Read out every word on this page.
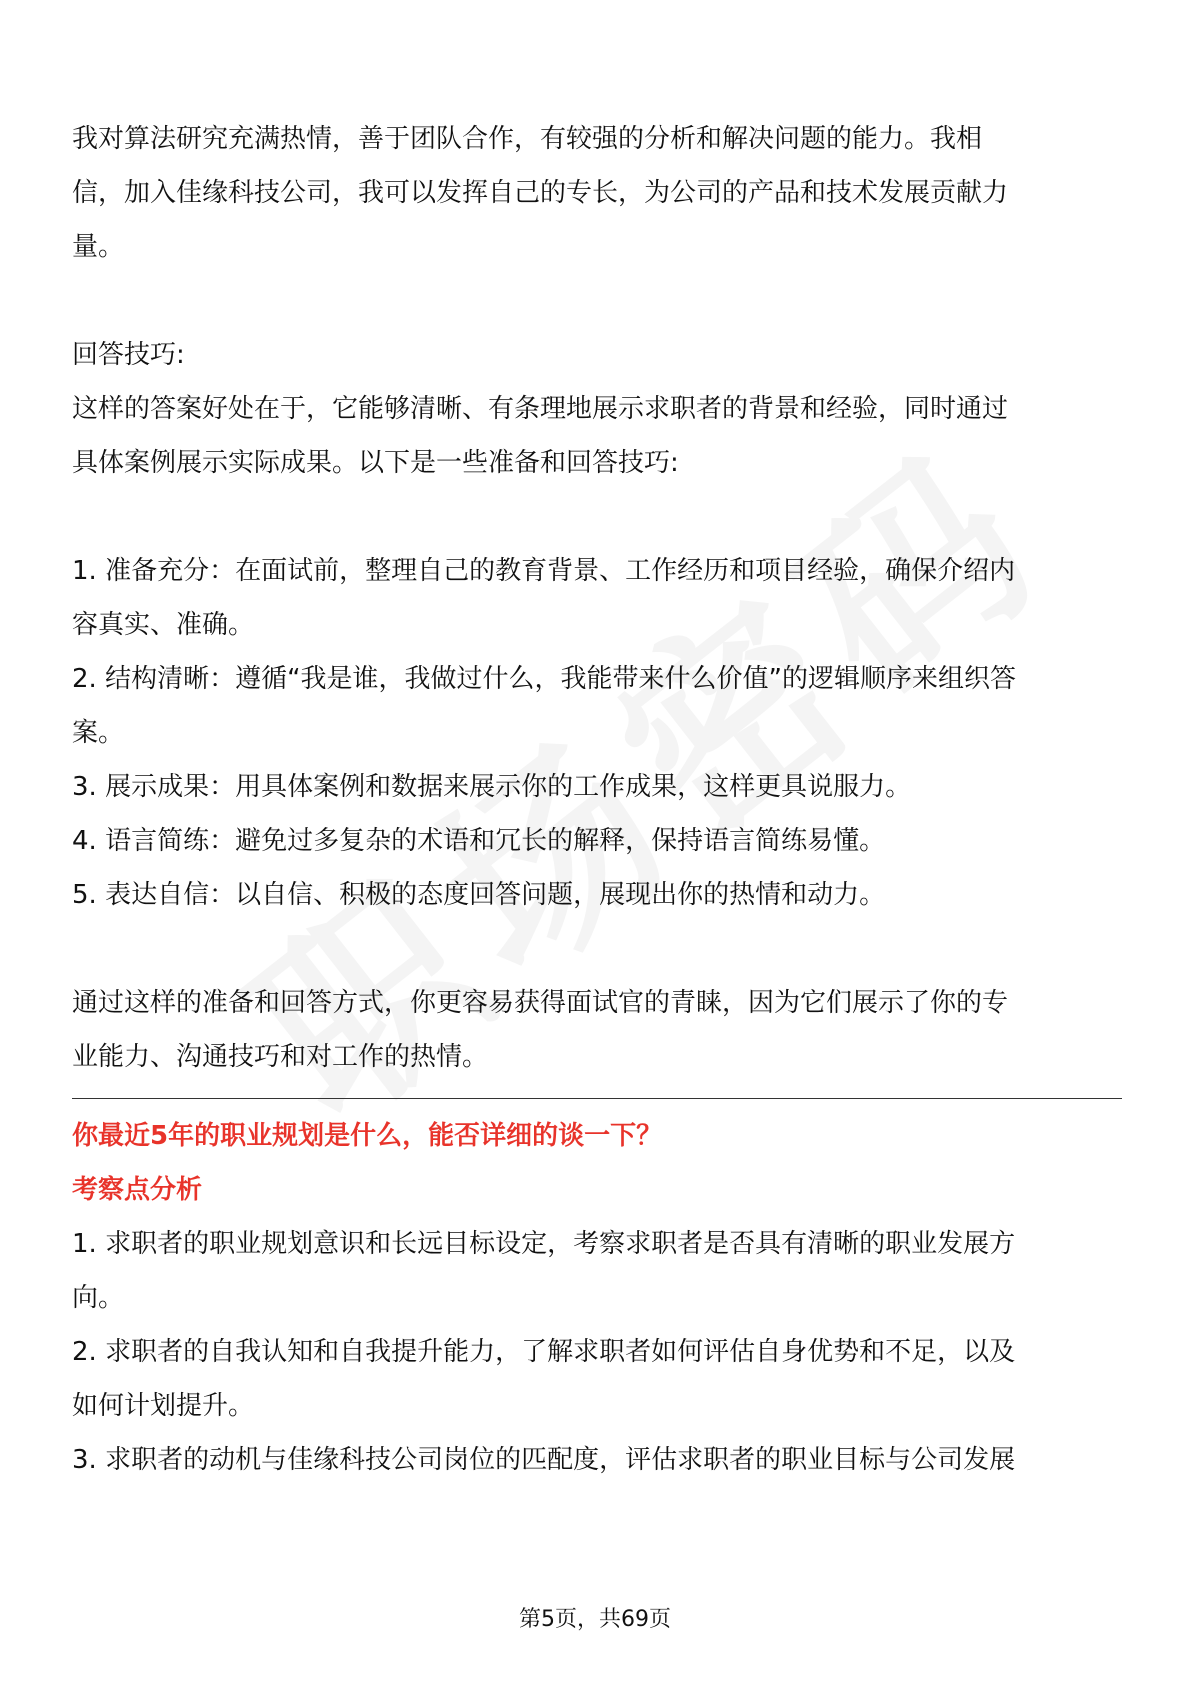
我对算法研究充满热情，善于团队合作，有较强的分析和解决问题的能力。我相

信，加入佳缘科技公司，我可以发挥自己的专长，为公司的产品和技术发展贡献力

量。

回答技巧:

这样的答案好处在于，它能够清晰、有条理地展示求职者的背景和经验，同时通过

具体案例展示实际成果。以下是一些准备和回答技巧:

1. 准备充分：在面试前，整理自己的教育背景、工作经历和项目经验，确保介绍内

容真实、准确。

2. 结构清晰：遵循“我是谁，我做过什么，我能带来什么价值”的逻辑顺序来组织答

案。

3. 展示成果：用具体案例和数据来展示你的工作成果，这样更具说服力。

4. 语言简练：避免过多复杂的术语和冗长的解释，保持语言简练易懂。

5. 表达自信：以自信、积极的态度回答问题，展现出你的热情和动力。

通过这样的准备和回答方式，你更容易获得面试官的青睐，因为它们展示了你的专

业能力、沟通技巧和对工作的热情。

你最近5年的职业规划是什么，能否详细的谈一下？

考察点分析

1. 求职者的职业规划意识和长远目标设定，考察求职者是否具有清晰的职业发展方

向。

2. 求职者的自我认知和自我提升能力，了解求职者如何评估自身优势和不足，以及

如何计划提升。

3. 求职者的动机与佳缘科技公司岗位的匹配度，评估求职者的职业目标与公司发展

第5页，共69页
